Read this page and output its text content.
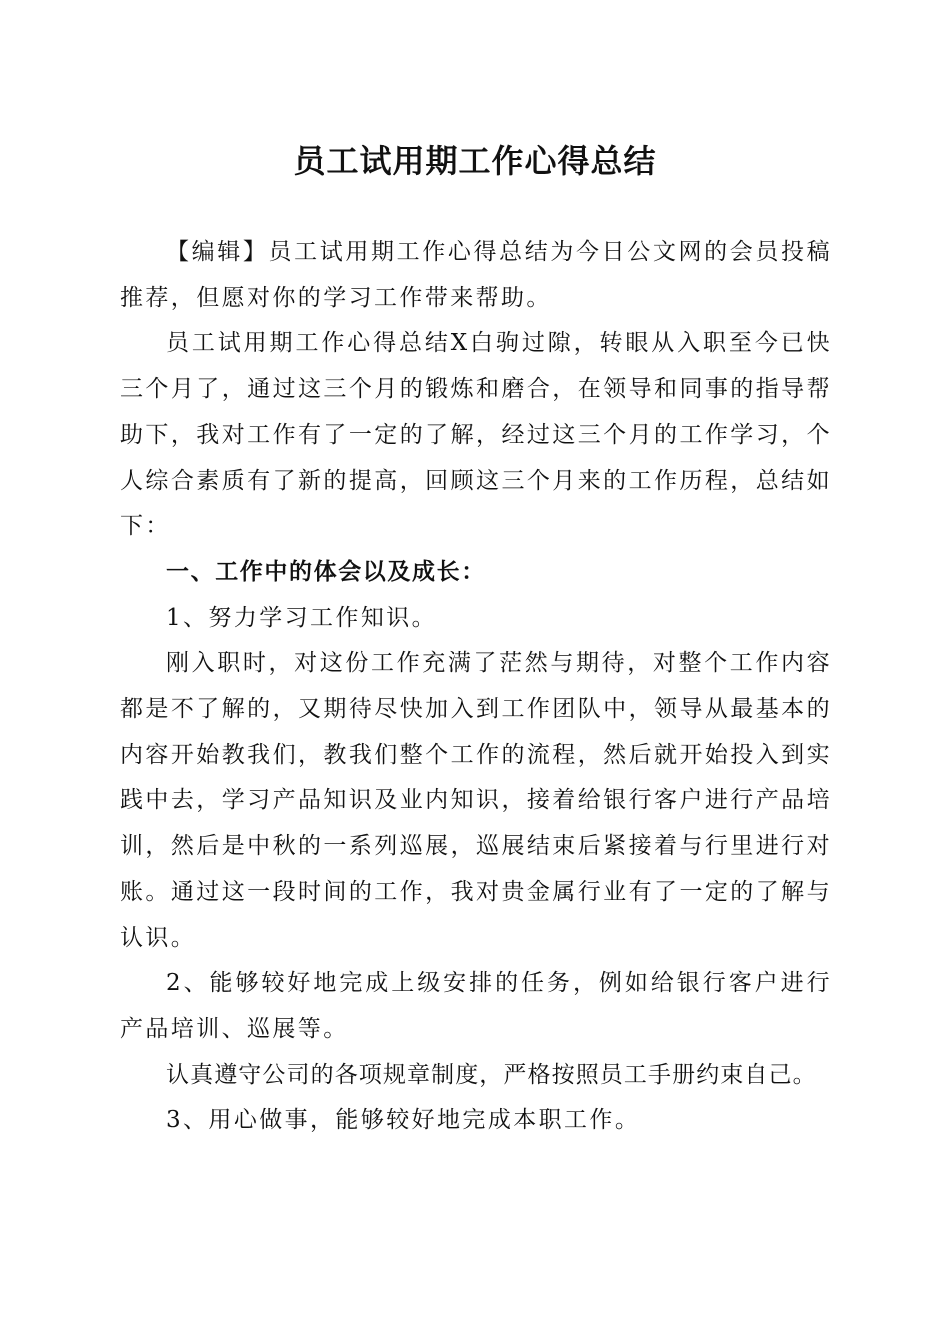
员工试用期工作心得总结

【编辑】员工试用期工作心得总结为今日公文网的会员投稿推荐，但愿对你的学习工作带来帮助。

员工试用期工作心得总结X白驹过隙，转眼从入职至今已快三个月了，通过这三个月的锻炼和磨合，在领导和同事的指导帮助下，我对工作有了一定的了解，经过这三个月的工作学习，个人综合素质有了新的提高，回顾这三个月来的工作历程，总结如下：

一、工作中的体会以及成长：

1、努力学习工作知识。

刚入职时，对这份工作充满了茫然与期待，对整个工作内容都是不了解的，又期待尽快加入到工作团队中，领导从最基本的内容开始教我们，教我们整个工作的流程，然后就开始投入到实践中去，学习产品知识及业内知识，接着给银行客户进行产品培训，然后是中秋的一系列巡展，巡展结束后紧接着与行里进行对账。通过这一段时间的工作，我对贵金属行业有了一定的了解与认识。

2、能够较好地完成上级安排的任务，例如给银行客户进行产品培训、巡展等。

认真遵守公司的各项规章制度，严格按照员工手册约束自己。

3、用心做事，能够较好地完成本职工作。
